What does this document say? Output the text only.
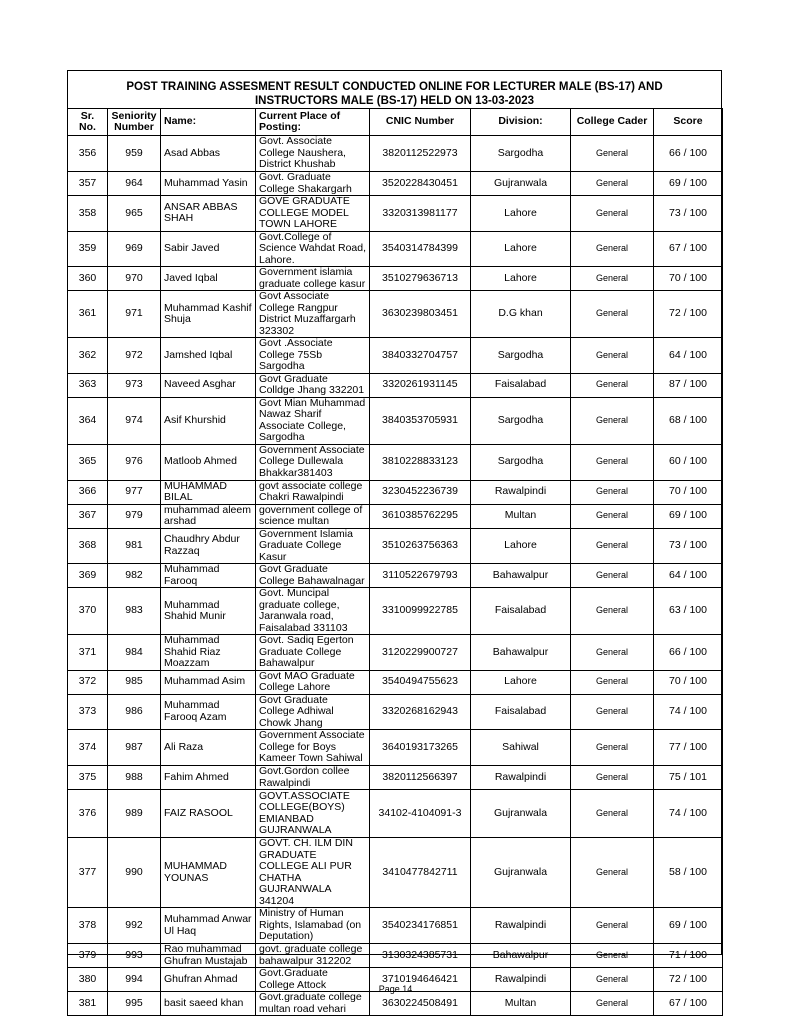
POST TRAINING ASSESMENT RESULT CONDUCTED ONLINE FOR LECTURER MALE (BS-17) AND
INSTRUCTORS MALE (BS-17) HELD ON 13-03-2023
Sr. No.	Seniority Number	Name:	Current Place of Posting:	CNIC Number	Division:	College Cader	Score
356	959	Asad Abbas	Govt. Associate College Naushera, District Khushab	3820112522973	Sargodha	General	66 / 100
357	964	Muhammad Yasin	Govt. Graduate College Shakargarh	3520228430451	Gujranwala	General	69 / 100
358	965	ANSAR ABBAS SHAH	GOVE GRADUATE COLLEGE MODEL TOWN LAHORE	3320313981177	Lahore	General	73 / 100
359	969	Sabir Javed	Govt.College of Science Wahdat Road, Lahore.	3540314784399	Lahore	General	67 / 100
360	970	Javed Iqbal	Government islamia graduate college kasur	3510279636713	Lahore	General	70 / 100
361	971	Muhammad Kashif Shuja	Govt Associate College Rangpur District Muzaffargarh 323302	3630239803451	D.G khan	General	72 / 100
362	972	Jamshed Iqbal	Govt .Associate College 75Sb Sargodha	3840332704757	Sargodha	General	64 / 100
363	973	Naveed Asghar	Govt Graduate Colldge Jhang 332201	3320261931145	Faisalabad	General	87 / 100
364	974	Asif Khurshid	Govt Mian Muhammad Nawaz Sharif Associate College, Sargodha	3840353705931	Sargodha	General	68 / 100
365	976	Matloob Ahmed	Government Associate College Dullewala Bhakkar381403	3810228833123	Sargodha	General	60 / 100
366	977	MUHAMMAD BILAL	govt associate college Chakri Rawalpindi	3230452236739	Rawalpindi	General	70 / 100
367	979	muhammad aleem arshad	government college of science multan	3610385762295	Multan	General	69 / 100
368	981	Chaudhry Abdur Razzaq	Government Islamia Graduate College Kasur	3510263756363	Lahore	General	73 / 100
369	982	Muhammad Farooq	Govt Graduate College Bahawalnagar	3110522679793	Bahawalpur	General	64 / 100
370	983	Muhammad Shahid Munir	Govt. Muncipal graduate college, Jaranwala road, Faisalabad 331103	3310099922785	Faisalabad	General	63 / 100
371	984	Muhammad Shahid Riaz Moazzam	Govt. Sadiq Egerton Graduate College Bahawalpur	3120229900727	Bahawalpur	General	66 / 100
372	985	Muhammad Asim	Govt MAO Graduate College Lahore	3540494755623	Lahore	General	70 / 100
373	986	Muhammad Farooq Azam	Govt Graduate College Adhiwal Chowk Jhang	3320268162943	Faisalabad	General	74 / 100
374	987	Ali Raza	Government Associate College for Boys Kameer Town Sahiwal	3640193173265	Sahiwal	General	77 / 100
375	988	Fahim Ahmed	Govt.Gordon collee Rawalpindi	3820112566397	Rawalpindi	General	75 / 101
376	989	FAIZ RASOOL	GOVT.ASSOCIATE COLLEGE(BOYS) EMIANBAD GUJRANWALA	34102-4104091-3	Gujranwala	General	74 / 100
377	990	MUHAMMAD YOUNAS	GOVT. CH. ILM DIN GRADUATE COLLEGE ALI PUR CHATHA GUJRANWALA 341204	3410477842711	Gujranwala	General	58 / 100
378	992	Muhammad Anwar Ul Haq	Ministry of Human Rights, Islamabad (on Deputation)	3540234176851	Rawalpindi	General	69 / 100
379	993	Rao muhammad Ghufran Mustajab	govt. graduate college bahawalpur 312202	3130324385731	Bahawalpur	General	71 / 100
380	994	Ghufran Ahmad	Govt.Graduate College Attock	3710194646421	Rawalpindi	General	72 / 100
381	995	basit saeed khan	Govt.graduate college multan road vehari	3630224508491	Multan	General	67 / 100
Page 14
